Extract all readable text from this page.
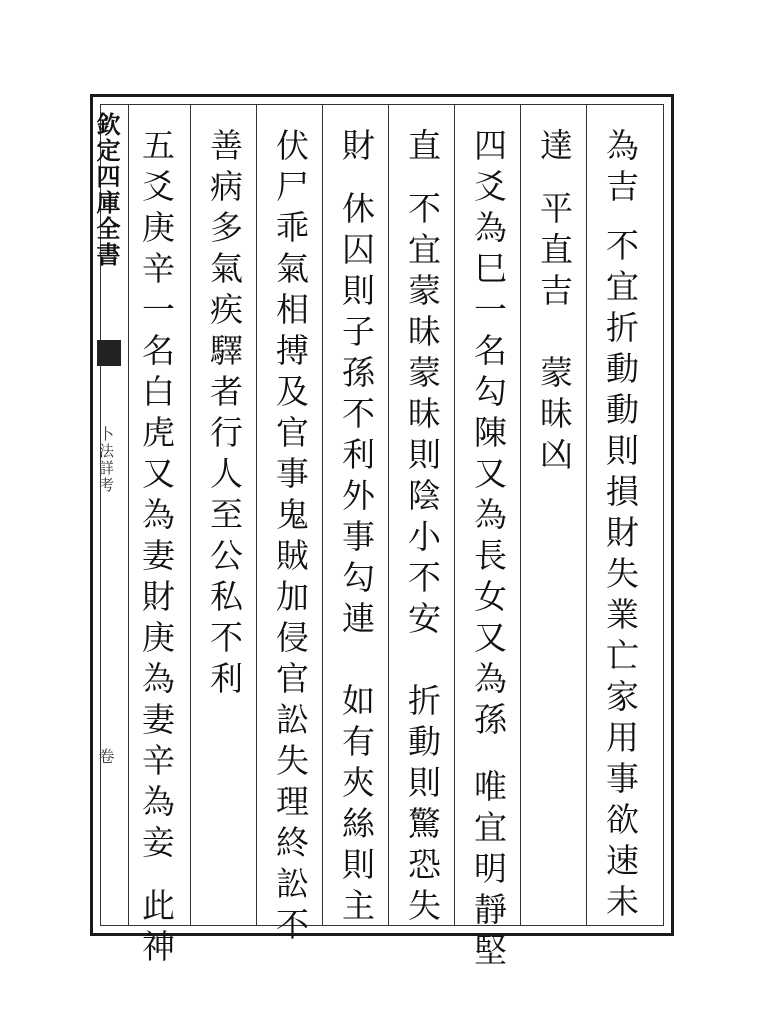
欽定四庫全書
卜法詳考
卷
為吉不宜折動動則損財失業亡家用事欲速未
達平直吉　蒙昧凶
四爻為巳一名勾陳又為長女又為孫唯宜明靜堅
直不宜蒙昧蒙昧則陰小不安　折動則驚恐失
財休囚則子孫不利外事勾連　如有夾絲則主
伏尸乖氣相搏及官事鬼賊加侵官訟失理終訟不
善病多氣疾驛者行人至公私不利
五爻庚辛一名白虎又為妻財庚為妻辛為妾此神
